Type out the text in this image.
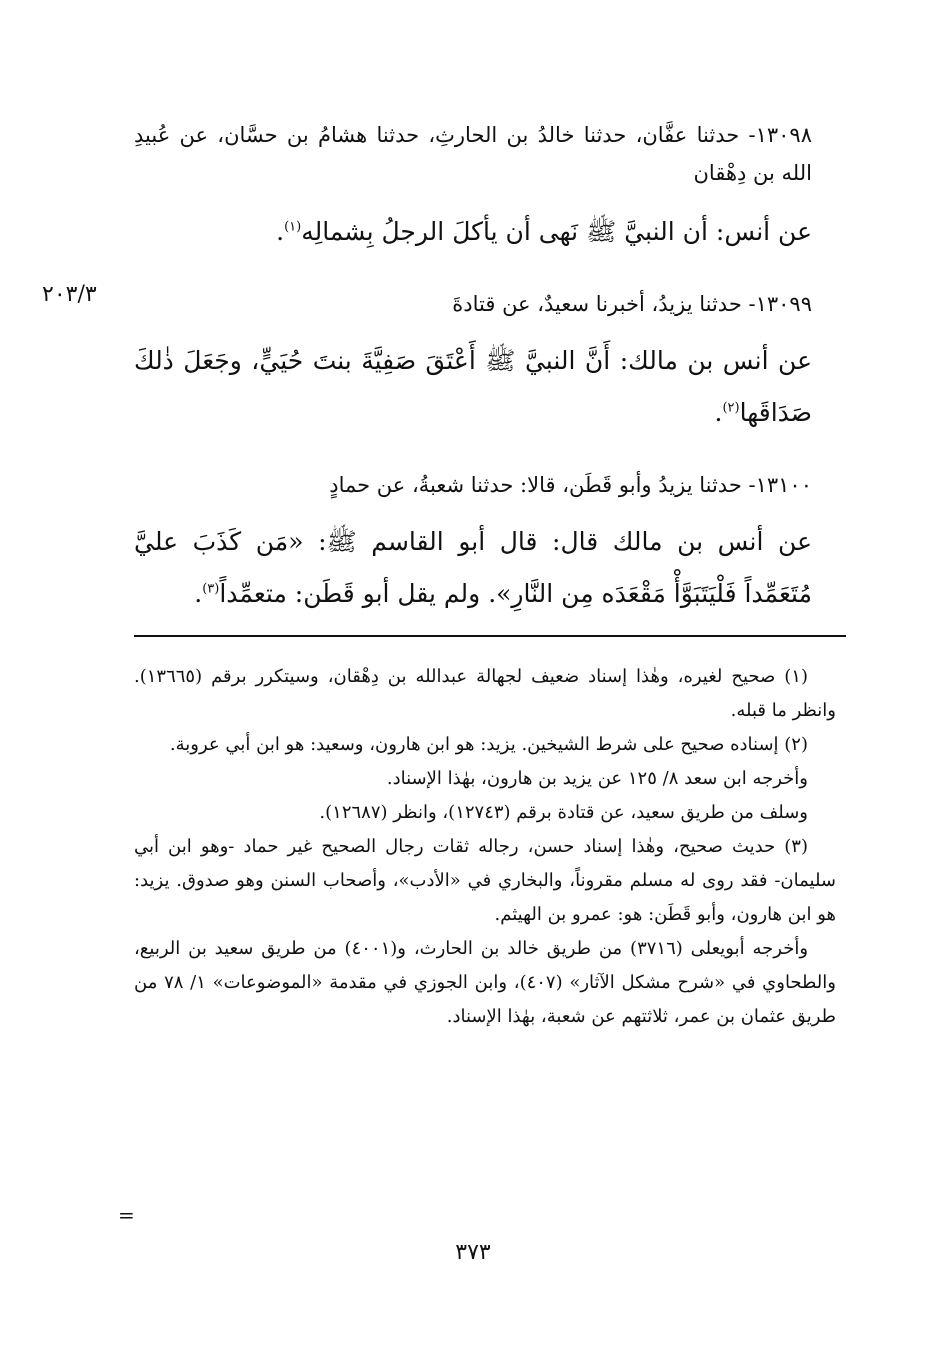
۲۰۳/۳
١٣٠٩٨- حدثنا عفَّان، حدثنا خالدُ بن الحارثِ، حدثنا هشامُ بن حسَّان، عن عُبيدِ الله بن دِهْقان
عن أنس: أن النبيَّ ﷺ نَهى أن يأكلَ الرجلُ بِشمالِه$^{(١)}$.
١٣٠٩٩- حدثنا يزيدُ، أخبرنا سعيدٌ، عن قتادةَ
عن أنس بن مالك: أَنَّ النبيَّ ﷺ أَعْتَقَ صَفِيَّةَ بنتَ حُيَيٍّ، وجَعَلَ ذٰلكَ صَدَاقَها$^{(٢)}$.
١٣١٠٠- حدثنا يزيدُ وأبو قَطَن، قالا: حدثنا شعبةُ، عن حمادٍ
عن أنس بن مالك قال: قال أبو القاسم ﷺ: «مَن كَذَبَ عليَّ مُتَعَمِّداً فَلْيَتَبَوَّأْ مَقْعَدَه مِن النَّارِ». ولم يقل أبو قَطَن: متعمِّداً$^{(٣)}$.

(١) صحيح لغيره، وهٰذا إسناد ضعيف لجهالة عبدالله بن دِهْقان، وسيتكرر برقم (١٣٦٦٥). وانظر ما قبله.

(٢) إسناده صحيح على شرط الشيخين. يزيد: هو ابن هارون، وسعيد: هو ابن أبي عروبة.

وأخرجه ابن سعد ٨/ ١٢٥ عن يزيد بن هارون، بهٰذا الإسناد.

وسلف من طريق سعيد، عن قتادة برقم (١٢٧٤٣)، وانظر (١٢٦٨٧).

(٣) حديث صحيح، وهٰذا إسناد حسن، رجاله ثقات رجال الصحيح غير حماد -وهو ابن أبي سليمان- فقد روى له مسلم مقروناً، والبخاري في «الأدب»، وأصحاب السنن وهو صدوق. يزيد: هو ابن هارون، وأبو قَطَن: هو: عمرو بن الهيثم.

وأخرجه أبويعلى (٣٧١٦) من طريق خالد بن الحارث، و(٤٠٠١) من طريق سعيد بن الربيع، والطحاوي في «شرح مشكل الآثار» (٤٠٧)، وابن الجوزي في مقدمة «الموضوعات» ١/ ٧٨ من طريق عثمان بن عمر، ثلاثتهم عن شعبة، بهٰذا الإسناد.

=
٣٧٣
